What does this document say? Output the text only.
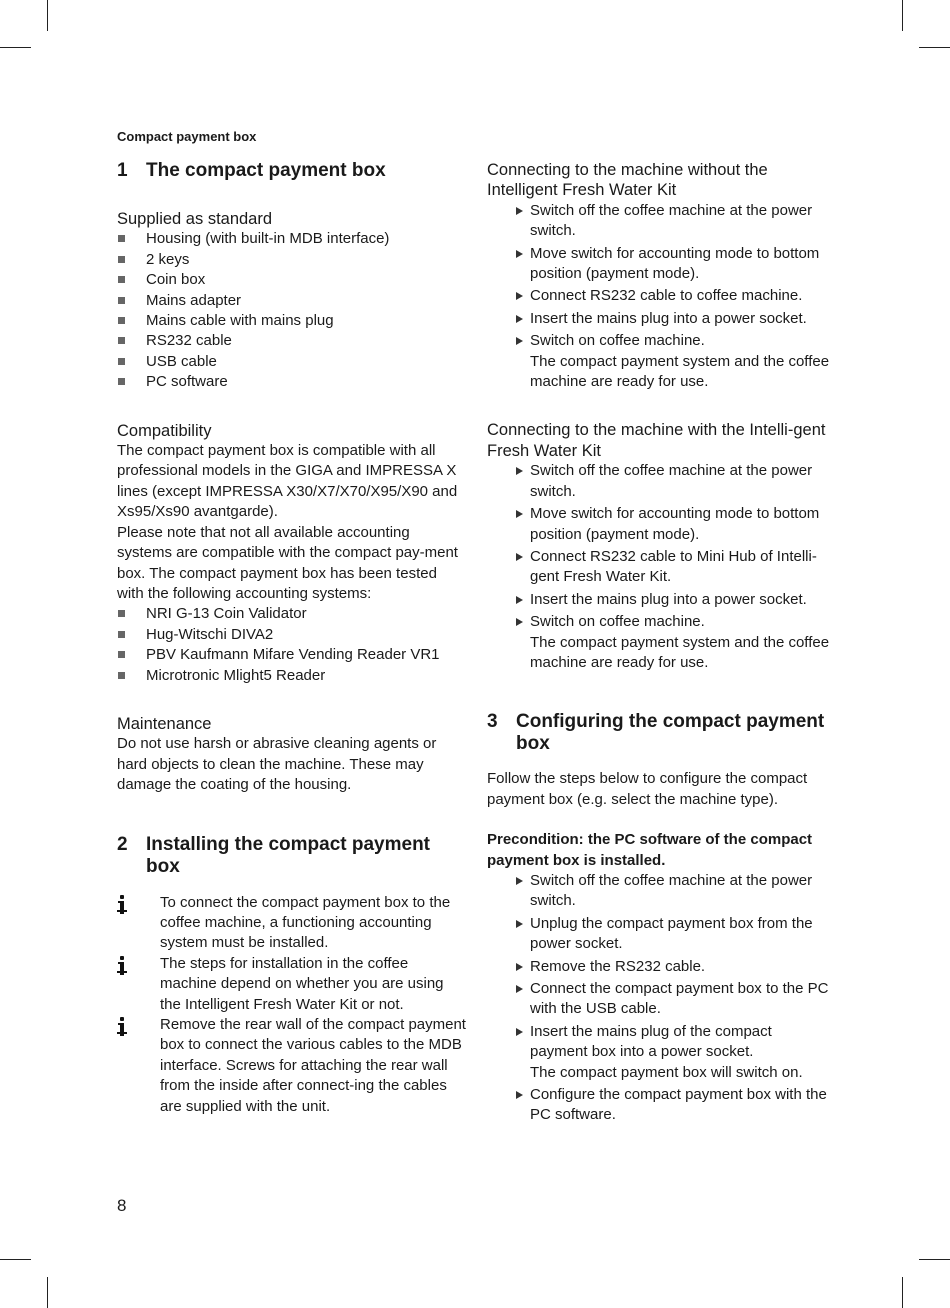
Compact payment box
1 The compact payment box
Supplied as standard
Housing (with built-in MDB interface)
2 keys
Coin box
Mains adapter
Mains cable with mains plug
RS232 cable
USB cable
PC software
Compatibility

The compact payment box is compatible with all professional models in the GIGA and IMPRESSA X lines (except IMPRESSA X30/X7/X70/X95/X90 and Xs95/Xs90 avantgarde).

Please note that not all available accounting systems are compatible with the compact pay-ment box. The compact payment box has been tested with the following accounting systems:

NRI G-13 Coin Validator
Hug-Witschi DIVA2
PBV Kaufmann Mifare Vending Reader VR1
Microtronic Mlight5 Reader
Maintenance

Do not use harsh or abrasive cleaning agents or hard objects to clean the machine. These may damage the coating of the housing.

2 Installing the compact payment box
To connect the compact payment box to the coffee machine, a functioning accounting system must be installed.
The steps for installation in the coffee machine depend on whether you are using the Intelligent Fresh Water Kit or not.
Remove the rear wall of the compact payment box to connect the various cables to the MDB interface. Screws for attaching the rear wall from the inside after connect-ing the cables are supplied with the unit.
Connecting to the machine without the Intelligent Fresh Water Kit
Switch off the coffee machine at the power switch.
Move switch for accounting mode to bottom position (payment mode).
Connect RS232 cable to coffee machine.
Insert the mains plug into a power socket.
Switch on coffee machine.
The compact payment system and the coffee machine are ready for use.
Connecting to the machine with the Intelli-gent Fresh Water Kit
Switch off the coffee machine at the power switch.
Move switch for accounting mode to bottom position (payment mode).
Connect RS232 cable to Mini Hub of Intelli-gent Fresh Water Kit.
Insert the mains plug into a power socket.
Switch on coffee machine.
The compact payment system and the coffee machine are ready for use.
3 Configuring the compact payment box

Follow the steps below to configure the compact payment box (e.g. select the machine type).

Precondition: the PC software of the compact payment box is installed.

Switch off the coffee machine at the power switch.
Unplug the compact payment box from the power socket.
Remove the RS232 cable.
Connect the compact payment box to the PC with the USB cable.
Insert the mains plug of the compact payment box into a power socket.
The compact payment box will switch on.
Configure the compact payment box with the PC software.
8
